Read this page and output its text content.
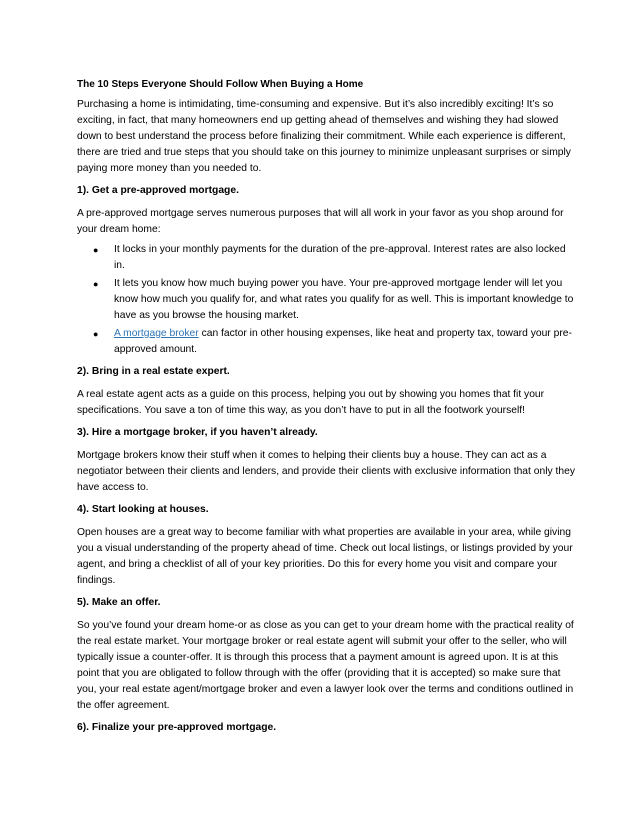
The 10 Steps Everyone Should Follow When Buying a Home

Purchasing a home is intimidating, time-consuming and expensive. But it’s also incredibly exciting! It’s so exciting, in fact, that many homeowners end up getting ahead of themselves and wishing they had slowed down to best understand the process before finalizing their commitment. While each experience is different, there are tried and true steps that you should take on this journey to minimize unpleasant surprises or simply paying more money than you needed to.

1). Get a pre-approved mortgage.

A pre-approved mortgage serves numerous purposes that will all work in your favor as you shop around for your dream home:

● It locks in your monthly payments for the duration of the pre-approval. Interest rates are also locked in.
● It lets you know how much buying power you have. Your pre-approved mortgage lender will let you know how much you qualify for, and what rates you qualify for as well. This is important knowledge to have as you browse the housing market.
● A mortgage broker can factor in other housing expenses, like heat and property tax, toward your pre-approved amount.
2). Bring in a real estate expert.

A real estate agent acts as a guide on this process, helping you out by showing you homes that fit your specifications. You save a ton of time this way, as you don’t have to put in all the footwork yourself!

3). Hire a mortgage broker, if you haven’t already.

Mortgage brokers know their stuff when it comes to helping their clients buy a house. They can act as a negotiator between their clients and lenders, and provide their clients with exclusive information that only they have access to.

4). Start looking at houses.

Open houses are a great way to become familiar with what properties are available in your area, while giving you a visual understanding of the property ahead of time. Check out local listings, or listings provided by your agent, and bring a checklist of all of your key priorities. Do this for every home you visit and compare your findings.

5). Make an offer.

So you’ve found your dream home-or as close as you can get to your dream home with the practical reality of the real estate market. Your mortgage broker or real estate agent will submit your offer to the seller, who will typically issue a counter-offer. It is through this process that a payment amount is agreed upon. It is at this point that you are obligated to follow through with the offer (providing that it is accepted) so make sure that you, your real estate agent/mortgage broker and even a lawyer look over the terms and conditions outlined in the offer agreement.

6). Finalize your pre-approved mortgage.
